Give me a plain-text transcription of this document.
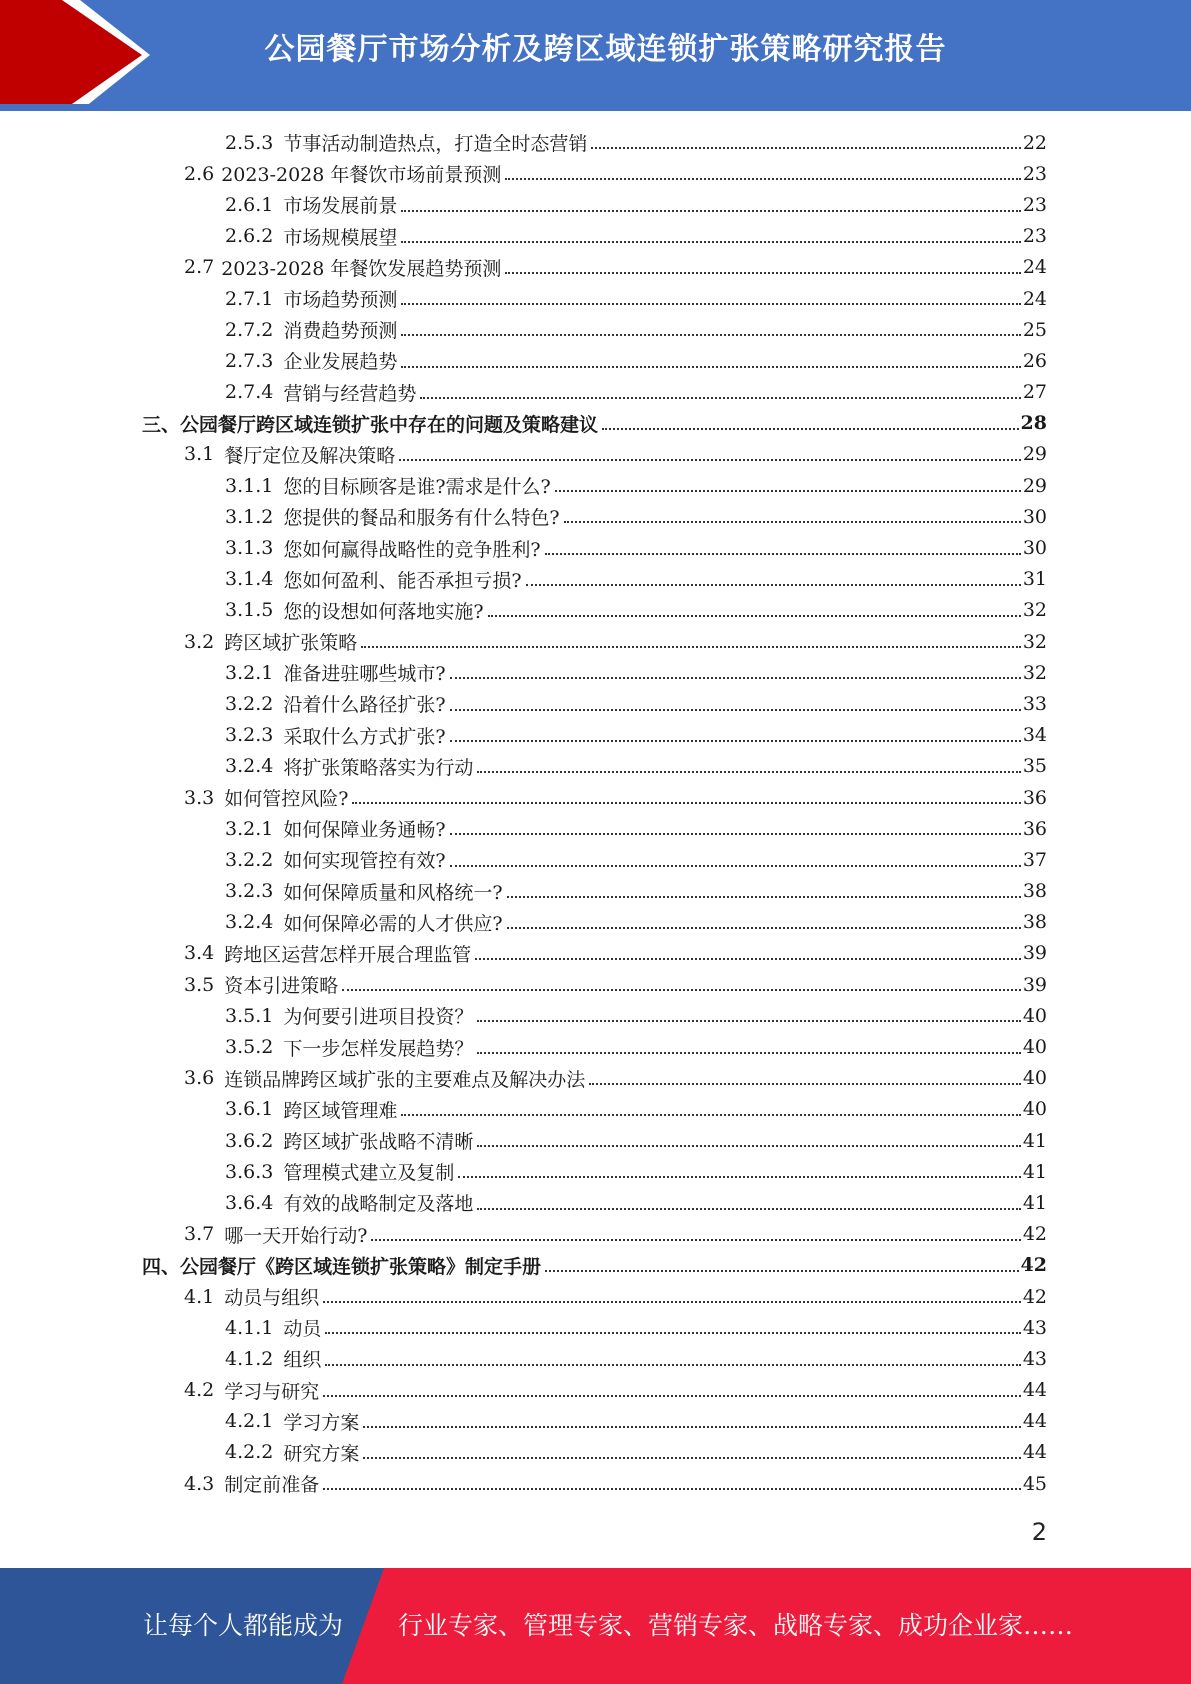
公园餐厅市场分析及跨区域连锁扩张策略研究报告
2.5.3 节事活动制造热点，打造全时态营销	22
2.6 2023-2028 年餐饮市场前景预测	23
2.6.1 市场发展前景	23
2.6.2 市场规模展望	23
2.7 2023-2028 年餐饮发展趋势预测	24
2.7.1 市场趋势预测	24
2.7.2 消费趋势预测	25
2.7.3 企业发展趋势	26
2.7.4 营销与经营趋势	27
三、 公园餐厅跨区域连锁扩张中存在的问题及策略建议	28
3.1 餐厅定位及解决策略	29
3.1.1 您的目标顾客是谁?需求是什么?	29
3.1.2 您提供的餐品和服务有什么特色?	30
3.1.3 您如何赢得战略性的竞争胜利?	30
3.1.4 您如何盈利、能否承担亏损?	31
3.1.5 您的设想如何落地实施?	32
3.2 跨区域扩张策略	32
3.2.1 准备进驻哪些城市?	32
3.2.2 沿着什么路径扩张?	33
3.2.3 采取什么方式扩张?	34
3.2.4 将扩张策略落实为行动	35
3.3 如何管控风险?	36
3.2.1 如何保障业务通畅?	36
3.2.2 如何实现管控有效?	37
3.2.3 如何保障质量和风格统一?	38
3.2.4 如何保障必需的人才供应?	38
3.4 跨地区运营怎样开展合理监管	39
3.5 资本引进策略	39
3.5.1 为何要引进项目投资？	40
3.5.2 下一步怎样发展趋势？	40
3.6 连锁品牌跨区域扩张的主要难点及解决办法	40
3.6.1 跨区域管理难	40
3.6.2 跨区域扩张战略不清晰	41
3.6.3 管理模式建立及复制	41
3.6.4 有效的战略制定及落地	41
3.7 哪一天开始行动?	42
四、 公园餐厅《跨区域连锁扩张策略》制定手册	42
4.1 动员与组织	42
4.1.1 动员	43
4.1.2 组织	43
4.2 学习与研究	44
4.2.1 学习方案	44
4.2.2 研究方案	44
4.3 制定前准备	45
2
让每个人都能成为 行业专家、管理专家、营销专家、战略专家、成功企业家……
